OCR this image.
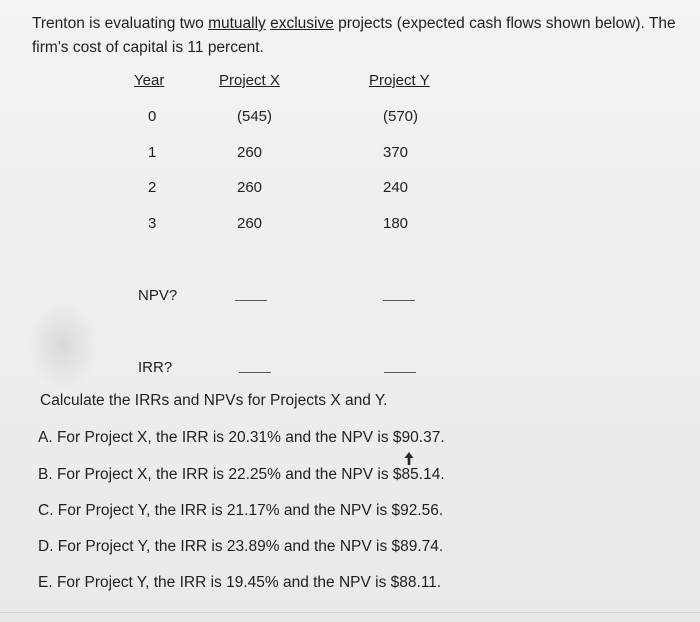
Trenton is evaluating two mutually exclusive projects (expected cash flows shown below). The firm's cost of capital is 11 percent.

Year	Project X	Project Y
0	(545)	(570)
1	260	370
2	260	240
3	260	180
NPV?
IRR?
Calculate the IRRs and NPVs for Projects X and Y.
A. For Project X, the IRR is 20.31% and the NPV is $90.37.
B. For Project X, the IRR is 22.25% and the NPV is $85.14.
C. For Project Y, the IRR is 21.17% and the NPV is $92.56.
D. For Project Y, the IRR is 23.89% and the NPV is $89.74.
E. For Project Y, the IRR is 19.45% and the NPV is $88.11.
